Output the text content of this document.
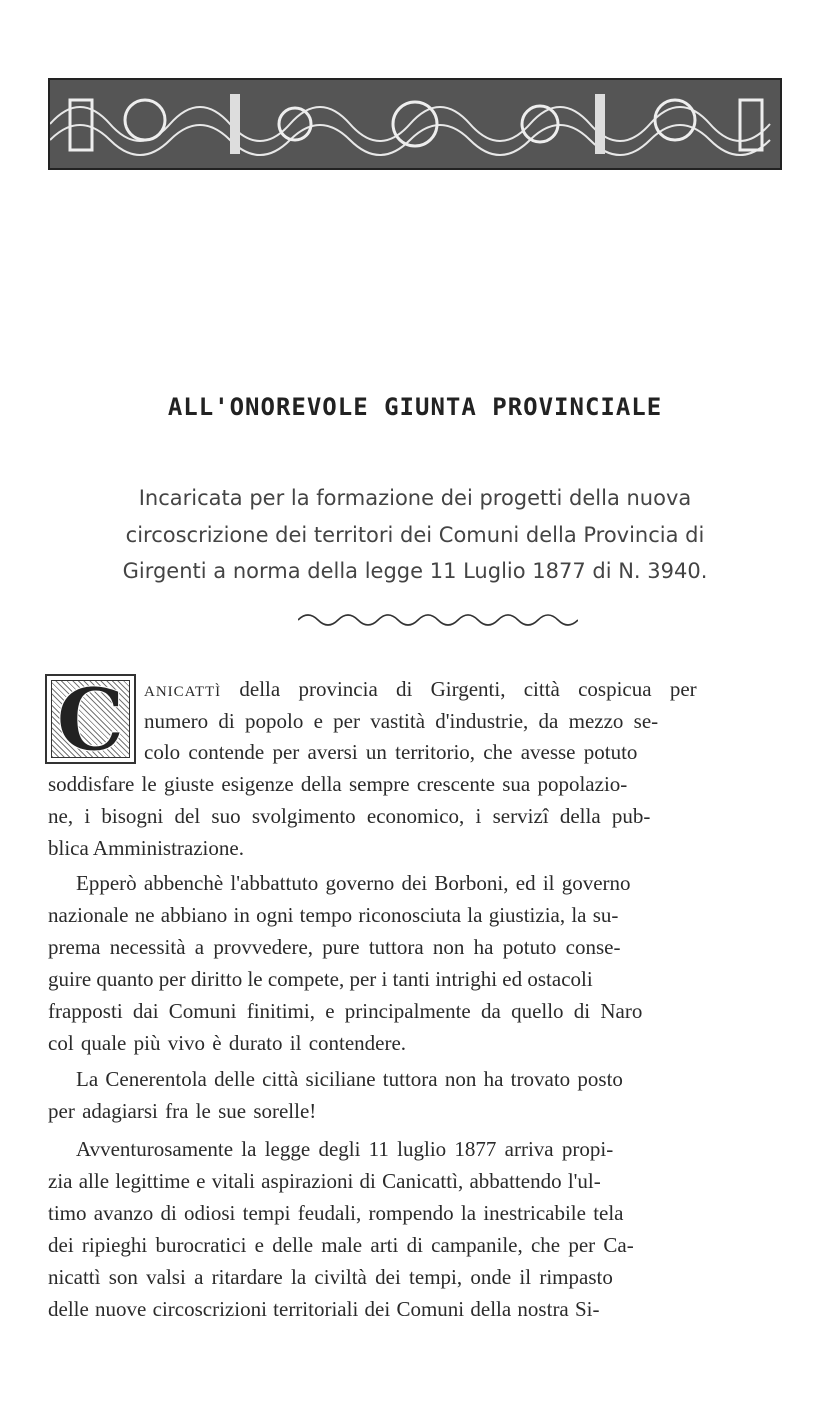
ALL'ONOREVOLE GIUNTA PROVINCIALE
Incaricata per la formazione dei progetti della nuova
circoscrizione dei territori dei Comuni della Provincia di
Girgenti a norma della legge 11 Luglio 1877 di N. 3940.
C anicattì della provincia di Girgenti, città cospicua per
numero di popolo e per vastità d'industrie, da mezzo se-
colo contende per aversi un territorio, che avesse potuto
soddisfare le giuste esigenze della sempre crescente sua popolazio-
ne, i bisogni del suo svolgimento economico, i servizî della pub-
blica Amministrazione.
Epperò abbenchè l'abbattuto governo dei Borboni, ed il governo
nazionale ne abbiano in ogni tempo riconosciuta la giustizia, la su-
prema necessità a provvedere, pure tuttora non ha potuto conse-
guire quanto per diritto le compete, per i tanti intrighi ed ostacoli
frapposti dai Comuni finitimi, e principalmente da quello di Naro
col quale più vivo è durato il contendere.
La Cenerentola delle città siciliane tuttora non ha trovato posto
per adagiarsi fra le sue sorelle!
Avventurosamente la legge degli 11 luglio 1877 arriva propi-
zia alle legittime e vitali aspirazioni di Canicattì, abbattendo l'ul-
timo avanzo di odiosi tempi feudali, rompendo la inestricabile tela
dei ripieghi burocratici e delle male arti di campanile, che per Ca-
nicattì son valsi a ritardare la civiltà dei tempi, onde il rimpasto
delle nuove circoscrizioni territoriali dei Comuni della nostra Si-
